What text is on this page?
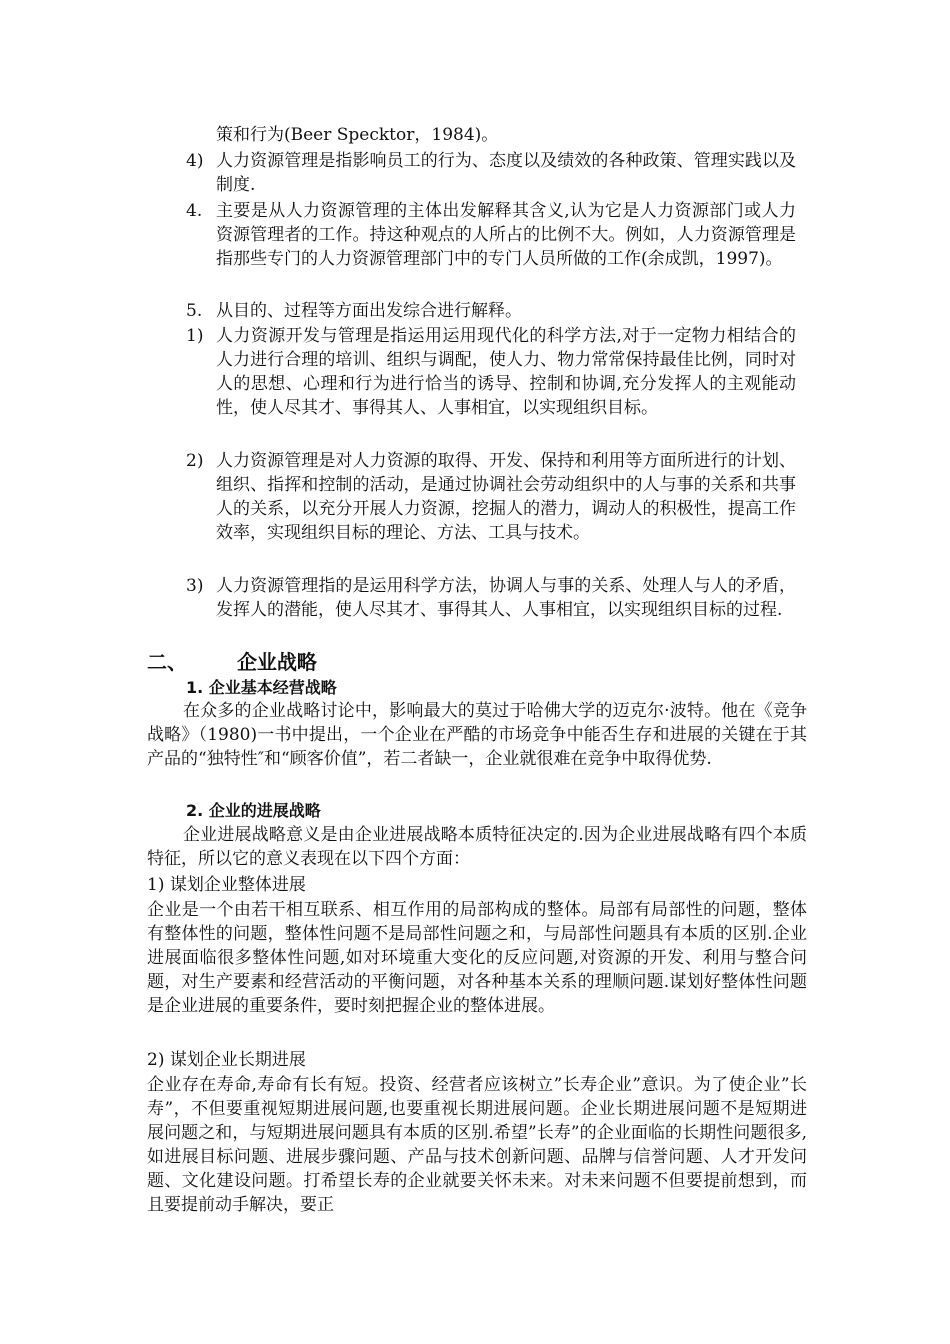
策和行为(Beer Specktor，1984)。
4) 人力资源管理是指影响员工的行为、态度以及绩效的各种政策、管理实践以及制度.
4. 主要是从人力资源管理的主体出发解释其含义,认为它是人力资源部门或人力资源管理者的工作。持这种观点的人所占的比例不大。例如，人力资源管理是指那些专门的人力资源管理部门中的专门人员所做的工作(余成凯，1997)。
5. 从目的、过程等方面出发综合进行解释。
1) 人力资源开发与管理是指运用运用现代化的科学方法,对于一定物力相结合的人力进行合理的培训、组织与调配，使人力、物力常常保持最佳比例，同时对人的思想、心理和行为进行恰当的诱导、控制和协调,充分发挥人的主观能动性，使人尽其才、事得其人、人事相宜，以实现组织目标。
2) 人力资源管理是对人力资源的取得、开发、保持和利用等方面所进行的计划、组织、指挥和控制的活动，是通过协调社会劳动组织中的人与事的关系和共事人的关系，以充分开展人力资源，挖掘人的潜力，调动人的积极性，提高工作效率，实现组织目标的理论、方法、工具与技术。
3) 人力资源管理指的是运用科学方法，协调人与事的关系、处理人与人的矛盾，发挥人的潜能，使人尽其才、事得其人、人事相宜，以实现组织目标的过程.
二、 企业战略
1. 企业基本经营战略
在众多的企业战略讨论中，影响最大的莫过于哈佛大学的迈克尔·波特。他在《竞争战略》（1980)一书中提出，一个企业在严酷的市场竞争中能否生存和进展的关键在于其产品的“独特性″和“顾客价值”，若二者缺一，企业就很难在竞争中取得优势.
2. 企业的进展战略
企业进展战略意义是由企业进展战略本质特征决定的.因为企业进展战略有四个本质特征，所以它的意义表现在以下四个方面：
1) 谋划企业整体进展
企业是一个由若干相互联系、相互作用的局部构成的整体。局部有局部性的问题，整体有整体性的问题，整体性问题不是局部性问题之和，与局部性问题具有本质的区别.企业进展面临很多整体性问题,如对环境重大变化的反应问题,对资源的开发、利用与整合问题，对生产要素和经营活动的平衡问题，对各种基本关系的理顺问题.谋划好整体性问题是企业进展的重要条件，要时刻把握企业的整体进展。
2) 谋划企业长期进展
企业存在寿命,寿命有长有短。投资、经营者应该树立”长寿企业”意识。为了使企业”长寿”，不但要重视短期进展问题,也要重视长期进展问题。企业长期进展问题不是短期进展问题之和，与短期进展问题具有本质的区别.希望”长寿”的企业面临的长期性问题很多,如进展目标问题、进展步骤问题、产品与技术创新问题、品牌与信誉问题、人才开发问题、文化建设问题。打希望长寿的企业就要关怀未来。对未来问题不但要提前想到，而且要提前动手解决，要正
